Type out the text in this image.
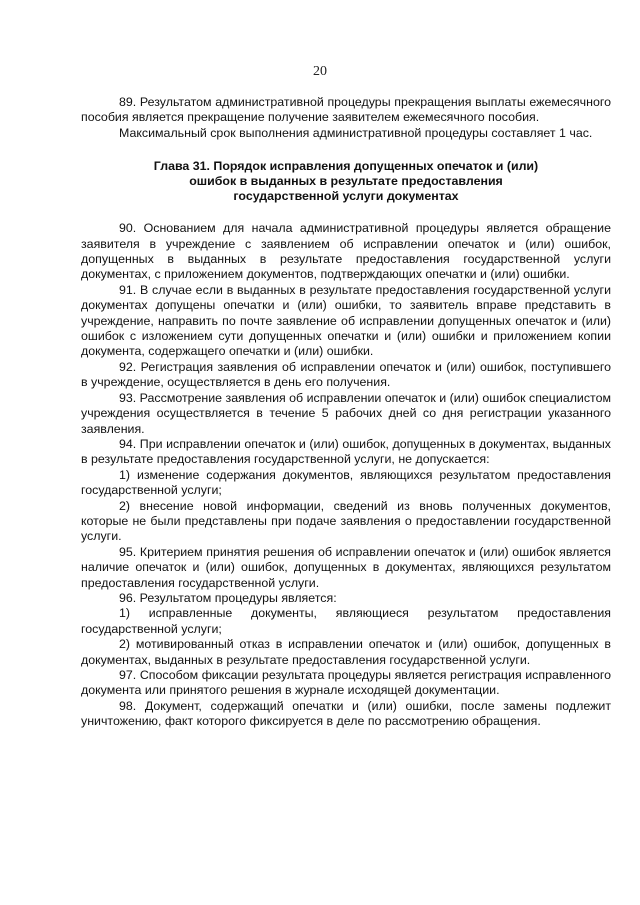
20

89. Результатом административной процедуры прекращения выплаты ежемесячного пособия является прекращение получение заявителем ежемесячного пособия.

Максимальный срок выполнения административной процедуры составляет 1 час.

Глава 31. Порядок исправления допущенных опечаток и (или) ошибок в выданных в результате предоставления государственной услуги документах

90. Основанием для начала административной процедуры является обращение заявителя в учреждение с заявлением об исправлении опечаток и (или) ошибок, допущенных в выданных в результате предоставления государственной услуги документах, с приложением документов, подтверждающих опечатки и (или) ошибки.

91. В случае если в выданных в результате предоставления государственной услуги документах допущены опечатки и (или) ошибки, то заявитель вправе представить в учреждение, направить по почте заявление об исправлении допущенных опечаток и (или) ошибок с изложением сути допущенных опечатки и (или) ошибки и приложением копии документа, содержащего опечатки и (или) ошибки.

92. Регистрация заявления об исправлении опечаток и (или) ошибок, поступившего в учреждение, осуществляется в день его получения.

93. Рассмотрение заявления об исправлении опечаток и (или) ошибок специалистом учреждения осуществляется в течение 5 рабочих дней со дня регистрации указанного заявления.

94. При исправлении опечаток и (или) ошибок, допущенных в документах, выданных в результате предоставления государственной услуги, не допускается:

1) изменение содержания документов, являющихся результатом предоставления государственной услуги;

2) внесение новой информации, сведений из вновь полученных документов, которые не были представлены при подаче заявления о предоставлении государственной услуги.

95. Критерием принятия решения об исправлении опечаток и (или) ошибок является наличие опечаток и (или) ошибок, допущенных в документах, являющихся результатом предоставления государственной услуги.

96. Результатом процедуры является:

1) исправленные документы, являющиеся результатом предоставления государственной услуги;

2) мотивированный отказ в исправлении опечаток и (или) ошибок, допущенных в документах, выданных в результате предоставления государственной услуги.

97. Способом фиксации результата процедуры является регистрация исправленного документа или принятого решения в журнале исходящей документации.

98. Документ, содержащий опечатки и (или) ошибки, после замены подлежит уничтожению, факт которого фиксируется в деле по рассмотрению обращения.
